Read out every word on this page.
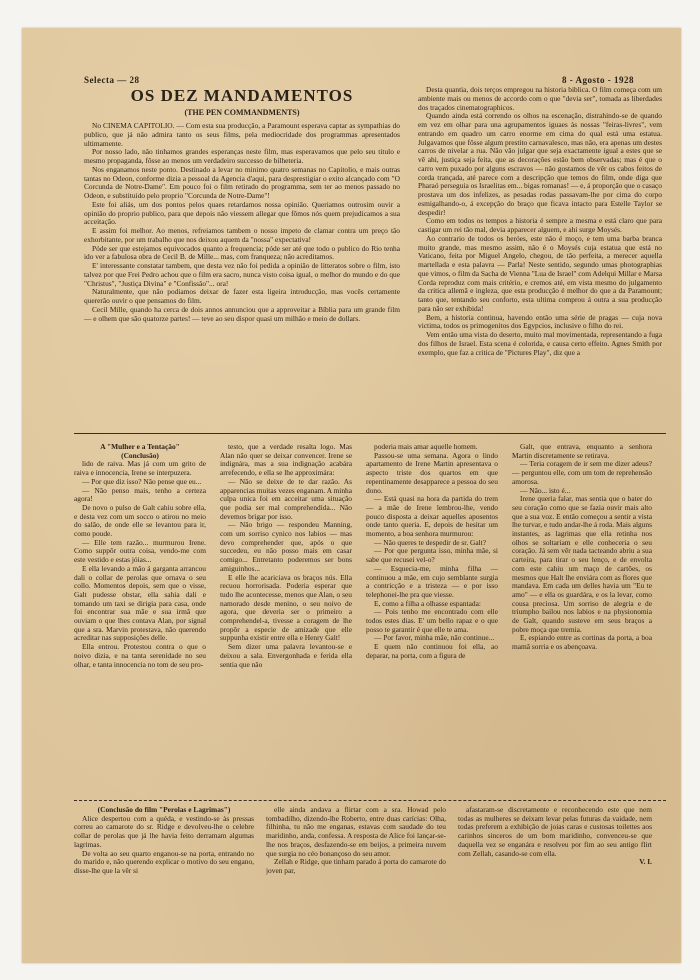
Selecta — 28	8 - Agosto - 1928
OS DEZ MANDAMENTOS
(THE PEN COMMANDMENTS)

No CINEMA CAPITOLIO. — Com esta sua producção, a Paramount esperava captar as sympathias do publico, que já não admira tanto os seus films, pela mediocridade dos programmas apresentados ultimamente.

Por nosso lado, não tinhamos grandes esperanças neste film, mas esperavamos que pelo seu titulo e mesmo propaganda, fôsse ao menos um verdadeiro successo de bilheteria.

Nos enganamos neste ponto. Destinado a levar no minimo quatro semanas no Capitolio, e mais outras tantas no Odeon, conforme dizia a pessoal da Agencia d'aqui, para desprestigiar o exito alcançado com "O Corcunda de Notre-Dame". Em pouco foi o film retirado do programma, sem ter ao menos passado no Odeon, e substituido pelo proprio "Corcunda de Notre-Dame"!

Este foi aliás, um dos pontos pelos quaes retardamos nossa opinião. Queriamos outrosim ouvir a opinião do proprio publico, para que depois não viessem allegar que fômos nós quem prejudicamos a sua acceitação.

E assim foi melhor. Ao menos, refreiamos tambem o nosso impeto de clamar contra um preço tão exhorbitante, por um trabalho que nos deixou aquem da "nossa" expectativa!

Póde ser que estejamos equivocados quanto a frequencia; póde ser até que todo o publico do Rio tenha ido ver a fabulosa obra de Cecil B. de Mille... mas, com franqueza; não acreditamos.

E' interessante constatar tambem, que desta vez não foi pedida a opinião de litteratos sobre o film, isto talvez por que Frei Pedro achou que o film era sacro, nunca visto coisa igual, o melhor do mundo e do que "Christus", "Justiça Divina" e "Confissão"... ora!

Naturalmente, que não podiamos deixar de fazer esta ligeira introducção, mas vocês certamente quererão ouvir o que pensamos do film.

Cecil Mille, quando ha cerca de dois annos annunciou que a approveitar a Bíblia para um grande film — e olhem que são quatorze partes! — teve ao seu dispor quasi um milhão e meio de dollars.

Desta quantia, dois terços empregou na historia biblica. O film começa com um ambiente mais ou menos de accordo com o que "devia ser", tomada as liberdades dos traçados cinematographicos.

Quando ainda está correndo os olhos na escenação, distrahindo-se de quando em vez em olhar para una agrupamentos iguaes às nossas "feiras-livres", vem entrando em quadro um carro enorme em cima do qual está uma estatua. Julgavamos que fôsse algum prestito carnavalesco, mas não, era apenas um destes carros de nivelar a rua. Não vão julgar que seja exactamente igual a estes que se vê ahi, justiça seja feita, que as decorações estão bem observadas; mas é que o carro vem puxado por alguns escravos — não gostamos de vêr os cabos feitos de corda trançada, até parece com a descripção que temos do film, onde diga que Pharaó perseguia os Israelitas em... bigas romanas! — e, á proporção que o casaço prostava um dos infelizes, as pesadas rodas passavam-lhe por cima do corpo esmigalhando-o, á excepção do braço que ficava intacto para Estelle Taylor se despedir!

Como em todos os tempos a historia é sempre a mesma e está claro que para castigar um rei tão mal, devia apparecer alguem, e ahi surge Moysés.

Ao contrario de todos os heróes, este não é moço, e tem uma barba branca muito grande, mas mesmo assim, não é o Moysés cuja estatua que está no Vaticano, feita por Miguel Angelo, chegou, de tão perfeita, a merecer aquella martellada e esta palavra — Parla! Neste sentido, segundo umas photographias que vimos, o film da Sacha de Vienna "Lua de Israel" com Adelqui Millar e Marsa Corda reproduz com mais critério, e cremos até, em vista mesmo do julgamento da critica allemã e ingleza, que esta producção é melhor do que a da Paramount; tanto que, tentando seu conforto, esta ultima comprou á outra a sua producção para não ser exhibida!

Bem, a historia continua, havendo então uma série de pragas — cuja nova victima, todos os primogenitos dos Egypcios, inclusive o filho do rei.

Vem então uma vista do deserto, muito mal movimentada, representando a fuga dos filhos de Israel. Esta scena é colorida, e causa certo effeito. Agnes Smith por exemplo, que faz a critica de "Pictures Play", diz que a

A "Mulher e a Tentação"

(Conclusão)

lido de raiva. Mas já com um grito de raiva e innocencia, Irene se interpuzera.

— Por que diz isso? Não pense que eu...

— Não penso mais, tenho a certeza agora!

De novo o pulso de Galt cahiu sobre ella, e desta vez com um socco o atirou no meio do salão, de onde elle se levantou para ir, como poude.

— Elle tem razão... murmurou Irene. Como suppôr outra coisa, vendo-me com este vestido e estas jóias...

E ella levando a mão á garganta arrancou dali o collar de perolas que ornava o seu collo. Momentos depois, sem que o visse, Galt pudesse obstar, ella sahia dali e tomando um taxi se dirigia para casa, onde foi encontrar sua mãe e sua irmã que ouviam o que lhes contava Alan, por signal que a sra. Marvin protestava, não querendo acreditar nas supposições delle.

Ella entrou. Protestou contra o que o noivo dizia, e na tanta serenidade no seu olhar, e tanta innocencia no tom de seu pro-

testo, que a verdade resalta logo. Mas Alan não quer se deixar convencer. Irene se indignára, mas a sua indignação acabára arrefecendo, e ella se lhe approximára:

— Não se deixe de te dar razão. As apparencias muitas vezes enganam. A minha culpa unica foi em acceitar uma situação que podia ser mal comprehendida... Não devemos brigar por isso.

— Não brigo — respondeu Manning, com um sorriso cynico nos labios — mas devo comprehender que, após o que succedeu, eu não posso mais em casar comigo... Entretanto poderemos ser bons amiguinhos...

E elle lhe acariciava os braços nús. Ella recuou horrorisada. Poderia esperar que tudo lhe acontecesse, menos que Alan, o seu namorado desde menino, o seu noivo de agora, que deveria ser o primeiro a comprehendel-a, tivesse a coragem de lhe propôr a especie de amizade que elle suppunha existir entre ella e Henry Galt!

Sem dizer uma palavra levantou-se e deixou a sala. Envergonhada e ferida ella sentia que não

poderia mais amar aquelle homem.

Passou-se uma semana. Agora o lindo apartamento de Irene Martin apresentava o aspecto triste dos quartos em que repentinamente desapparece a pessoa do seu dono.

— Está quasi na hora da partida do trem — a mãe de Irene lembrou-lhe, vendo pouco disposta a deixar aquelles aposentos onde tanto queria. E, depois de hesitar um momento, a boa senhora murmurou:

— Não queres te despedir de sr. Galt?

— Por que pergunta isso, minha mãe, si sabe que recusei vel-o?

— Esquecia-me, minha filha — continuou a mãe, em cujo semblante surgia a contricção e a tristeza — e por isso telephonei-lhe pra que viesse.

E, como a filha a olhasse espantada:

— Pois tenho me encontrado com elle todos estes dias. E' um bello rapaz e o que posso te garantir é que elle te ama.

— Por favor, minha mãe, não continue...

E quem não continuou foi ella, ao deparar, na porta, com a figura de

Galt, que entrava, enquanto a senhora Martin discretamente se retirava.

— Teria coragem de ir sem me dizer adeus? — perguntou elle, com um tom de reprehensão amorosa.

— Não... isto é...

Irene queria falar, mas sentia que o bater do seu coração como que se fazia ouvir mais alto que a sua voz. E então começou a sentir a vista lhe turvar, e tudo andar-lhe á roda. Mais alguns instantes, as lagrimas que ella retinha nos olhos se soltariam e elle conheceria o seu coração. Já sem vêr nada tacteando abriu a sua carteira, para tirar o seu lenço, e de envolta com este cahiu um maço de cartões, os mesmos que Halt lhe enviára com as flores que mandava. Em cada um delles havia um "Eu te amo" — e ella os guardára, e os la levar, como cousa preciosa. Um sorriso de alegria e de triumpho bailou nos labios e na physionomia de Galt, quando susteve em seus braços a pobre moça que tremia.

E, espiando entre as cortinas da porta, a boa mamã sorria e os abençoava.

(Conclusão do film "Perolas e Lagrimas")

Alice despertou com a quéda, e vestindo-se às pressas correu ao camarote do sr. Ridge e devolveu-lhe o celebre collar de perolas que já lhe havia feito derramam algumas lagrimas.

De volta ao seu quarto enganou-se na porta, entrando no do marido e, não querendo explicar o motivo do seu engano, disse-lhe que la vêr si

elle ainda andava a flirtar com a sra. Howad pelo tombadilho, dizendo-lhe Roberto, entre duas carícias: Olha, filhinha, tu não me enganas, estavas com saudade do teu maridinho, anda, confessa. A resposta de Alice foi lançar-se-lhe nos braços, desfazendo-se em beijos, a primeira nuvem que surgia no céo bonançoso do seu amor.

Zellah e Ridge, que tinham parado á porta do camarote do joven par,

afastaram-se discretamente e reconhecendo este que nem todas as mulheres se deixam levar pelas futuras da vaidade, nem todas preferem a exhibição de joias caras e custosas toilettes aos carinhos sinceros de um bom maridinho, convenceu-se que daquella vez se enganára e resolveu por fim ao seu antigo flirt com Zellah, casando-se com ella.

V. I.
